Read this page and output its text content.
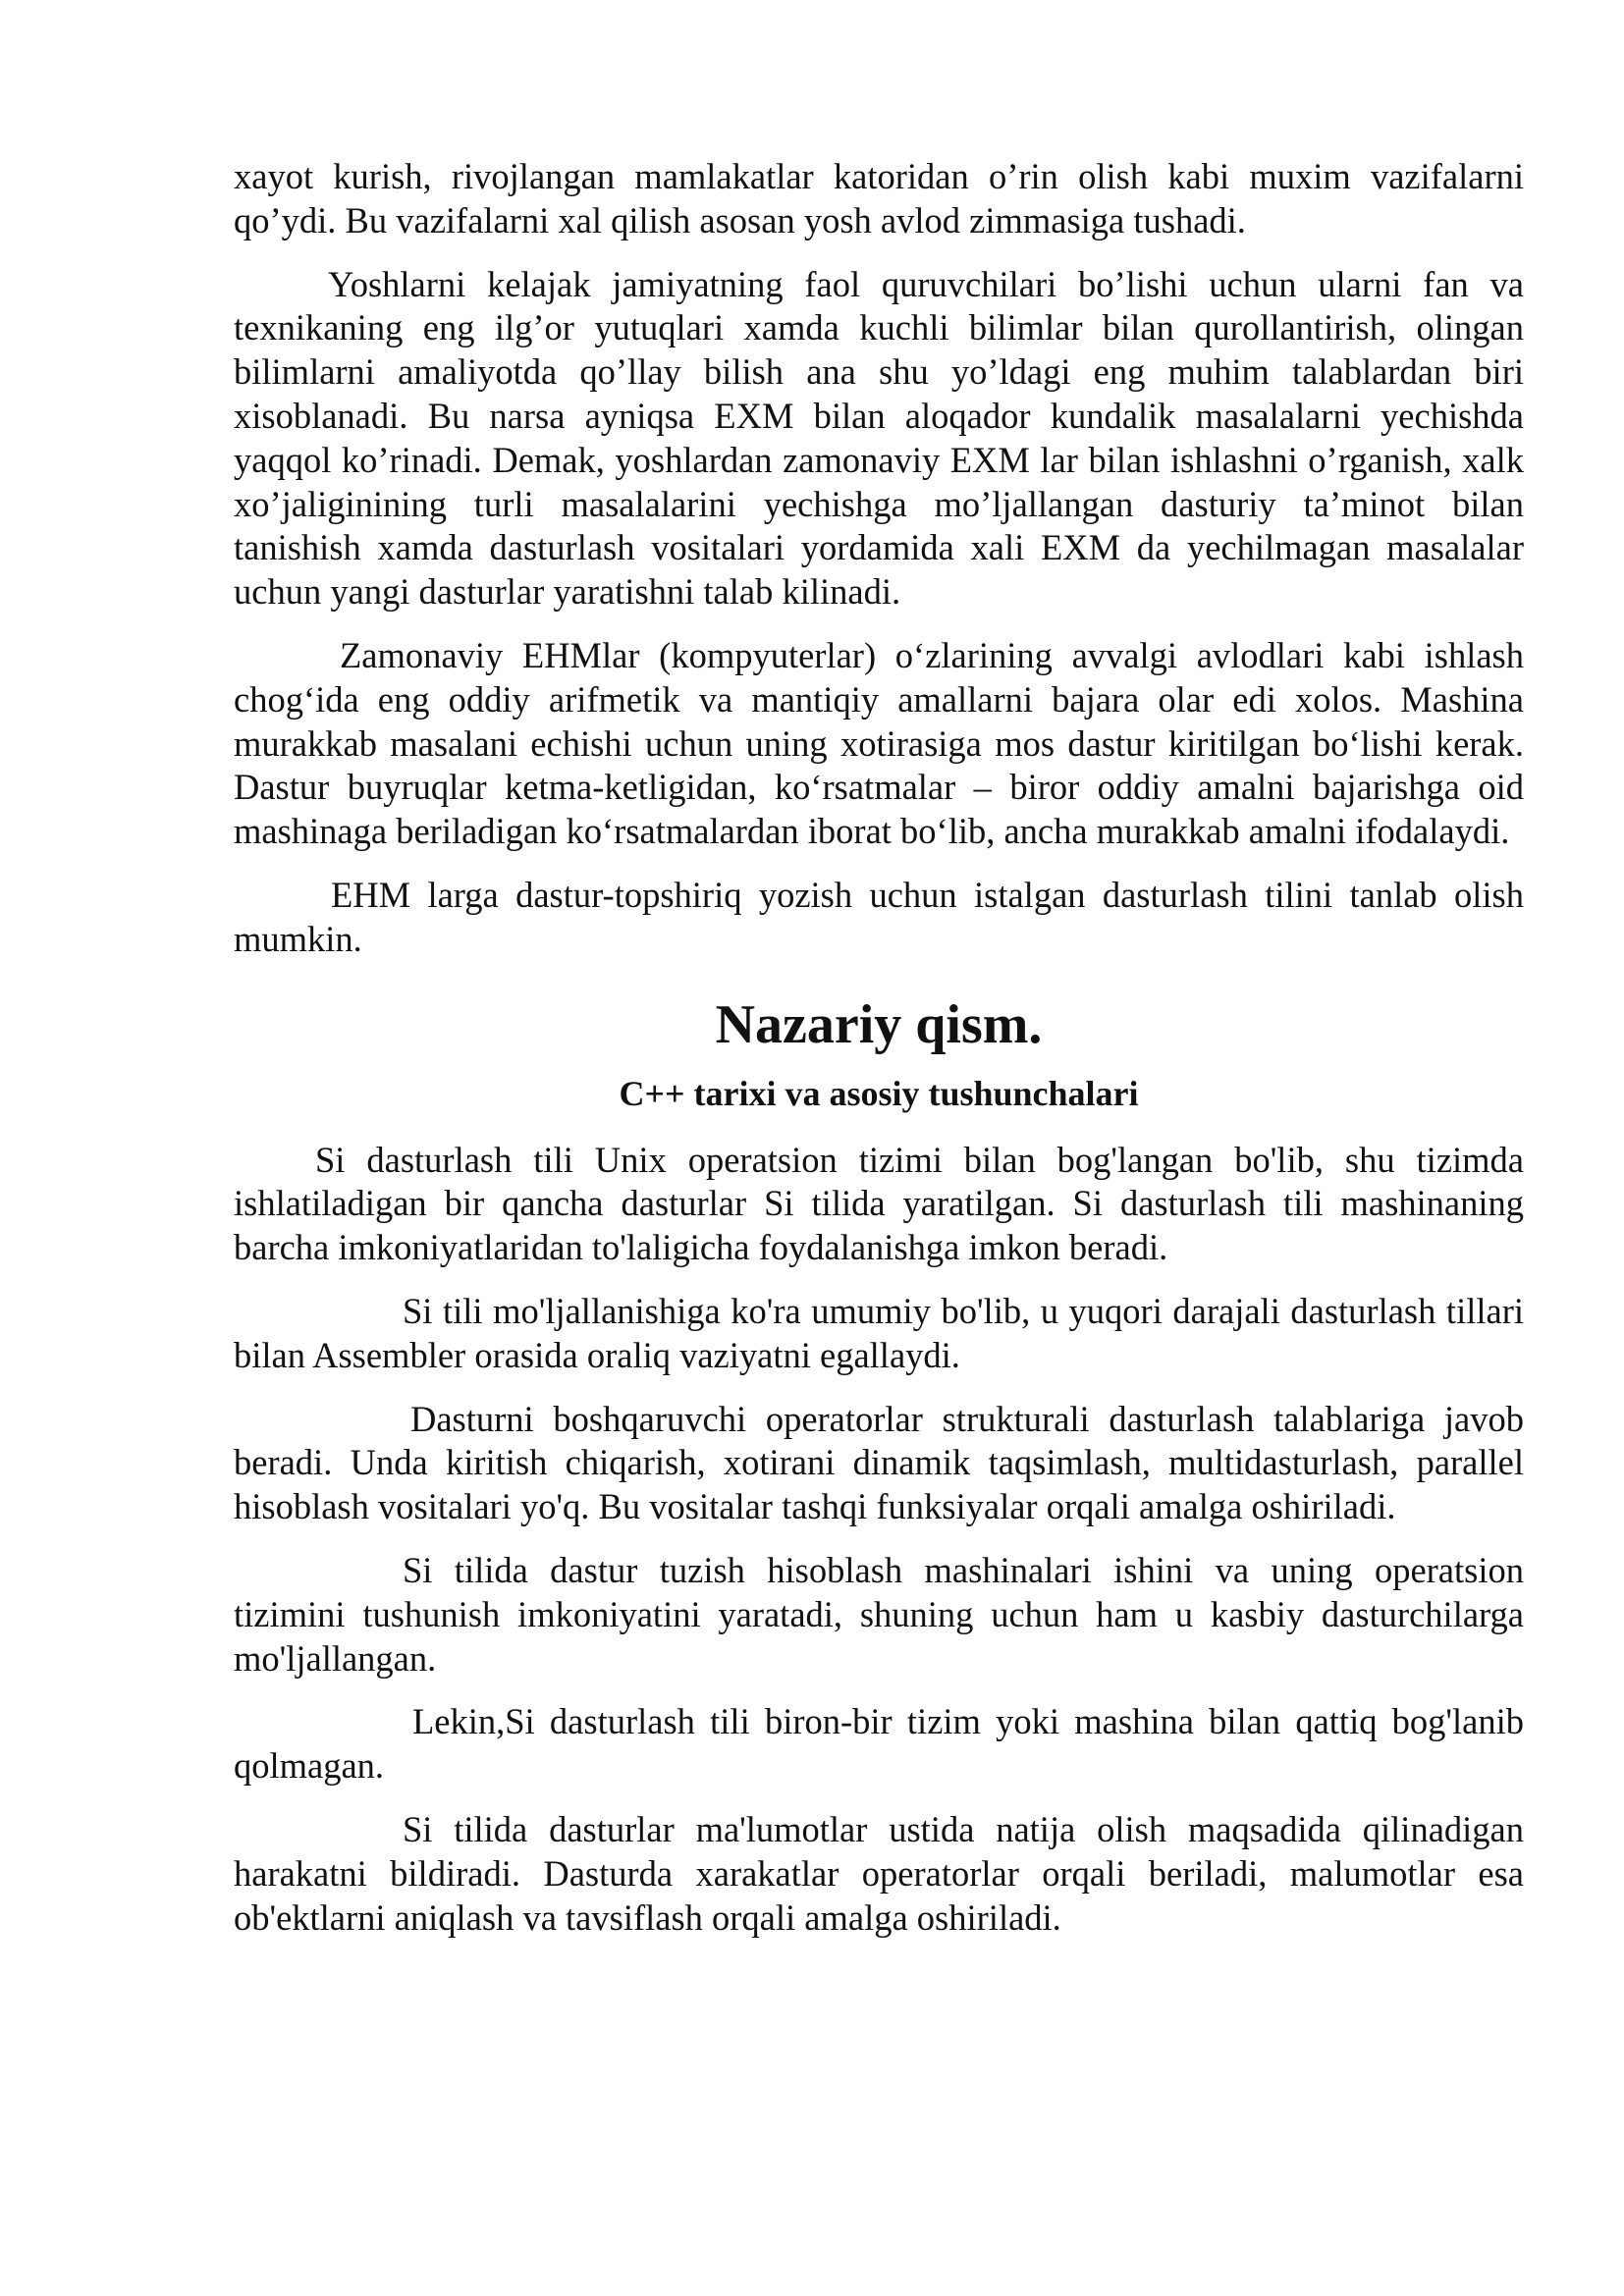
xayot kurish, rivojlangan mamlakatlar katoridan o’rin olish kabi muxim vazifalarni qo’ydi. Bu vazifalarni xal qilish asosan yosh avlod zimmasiga tushadi.

Yoshlarni kelajak jamiyatning faol quruvchilari bo’lishi uchun ularni fan va texnikaning eng ilg’or yutuqlari xamda kuchli bilimlar bilan qurollantirish, olingan bilimlarni amaliyotda qo’llay bilish ana shu yo’ldagi eng muhim talablardan biri xisoblanadi. Bu narsa ayniqsa EXM bilan aloqador kundalik masalalarni yechishda yaqqol ko’rinadi. Demak, yoshlardan zamonaviy EXM lar bilan ishlashni o’rganish, xalk xo’jaliginining turli masalalarini yechishga mo’ljallangan dasturiy ta’minot bilan tanishish xamda dasturlash vositalari yordamida xali EXM da yechilmagan masalalar uchun yangi dasturlar yaratishni talab kilinadi.

Zamonaviy EHMlar (kompyuterlar) o‘zlarining avvalgi avlodlari kabi ishlash chog‘ida eng oddiy arifmetik va mantiqiy amallarni bajara olar edi xolos. Mashina murakkab masalani echishi uchun uning xotirasiga mos dastur kiritilgan bo‘lishi kerak. Dastur buyruqlar ketma-ketligidan, ko‘rsatmalar – biror oddiy amalni bajarishga oid mashinaga beriladigan ko‘rsatmalardan iborat bo‘lib, ancha murakkab amalni ifodalaydi.

EHM larga dastur-topshiriq yozish uchun istalgan dasturlash tilini tanlab olish mumkin.

Nazariy qism.
C++ tarixi va asosiy tushunchalari

Si dasturlash tili Unix operatsion tizimi bilan bog'langan bo'lib, shu tizimda ishlatiladigan bir qancha dasturlar Si tilida yaratilgan. Si dasturlash tili mashinaning barcha imkoniyatlaridan to'laligicha foydalanishga imkon beradi.

Si tili mo'ljallanishiga ko'ra umumiy bo'lib, u yuqori darajali dasturlash tillari bilan Assembler orasida oraliq vaziyatni egallaydi.

Dasturni boshqaruvchi operatorlar strukturali dasturlash talablariga javob beradi. Unda kiritish chiqarish, xotirani dinamik taqsimlash, multidasturlash, parallel hisoblash vositalari yo'q. Bu vositalar tashqi funksiyalar orqali amalga oshiriladi.

Si tilida dastur tuzish hisoblash mashinalari ishini va uning operatsion tizimini tushunish imkoniyatini yaratadi, shuning uchun ham u kasbiy dasturchilarga mo'ljallangan.

Lekin,Si dasturlash tili biron-bir tizim yoki mashina bilan qattiq bog'lanib qolmagan.

Si tilida dasturlar ma'lumotlar ustida natija olish maqsadida qilinadigan harakatni bildiradi. Dasturda xarakatlar operatorlar orqali beriladi, malumotlar esa ob'ektlarni aniqlash va tavsiflash orqali amalga oshiriladi.
